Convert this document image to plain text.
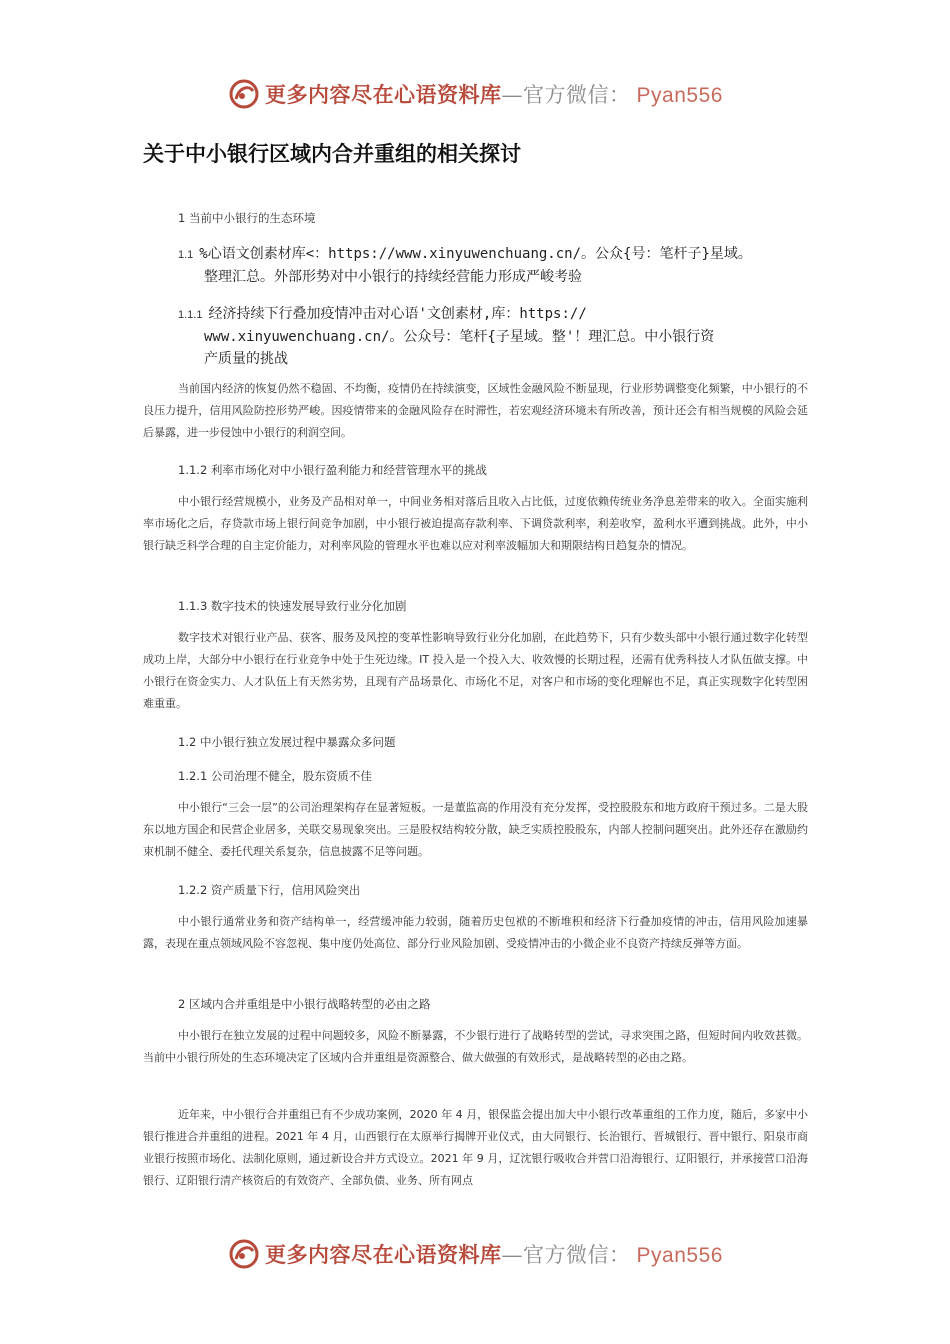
更多内容尽在心语资料库—官方微信： Pyan556
关于中小银行区域内合并重组的相关探讨
1 当前中小银行的生态环境
1.1 %心语文创素材库<：https://www.xinyuwenchuang.cn/。公众{号：笔杆子}星域。
整理汇总。外部形势对中小银行的持续经营能力形成严峻考验
1.1.1 经济持续下行叠加疫情冲击对心语'文创素材,库：https://
www.xinyuwenchuang.cn/。公众号：笔杆{子星域。整'！理汇总。中小银行资
产质量的挑战

当前国内经济的恢复仍然不稳固、不均衡，疫情仍在持续演变，区域性金融风险不断显现，行业形势调整变化频繁，中小银行的不良压力提升，信用风险防控形势严峻。因疫情带来的金融风险存在时滞性，若宏观经济环境未有所改善，预计还会有相当规模的风险会延后暴露，进一步侵蚀中小银行的利润空间。

1.1.2 利率市场化对中小银行盈利能力和经营管理水平的挑战

中小银行经营规模小，业务及产品相对单一，中间业务相对落后且收入占比低，过度依赖传统业务净息差带来的收入。全面实施利率市场化之后，存贷款市场上银行间竞争加剧，中小银行被迫提高存款利率、下调贷款利率，利差收窄，盈利水平遭到挑战。此外，中小银行缺乏科学合理的自主定价能力，对利率风险的管理水平也难以应对利率波幅加大和期限结构日趋复杂的情况。

1.1.3 数字技术的快速发展导致行业分化加剧

数字技术对银行业产品、获客、服务及风控的变革性影响导致行业分化加剧，在此趋势下，只有少数头部中小银行通过数字化转型成功上岸，大部分中小银行在行业竞争中处于生死边缘。IT 投入是一个投入大、收效慢的长期过程，还需有优秀科技人才队伍做支撑。中小银行在资金实力、人才队伍上有天然劣势，且现有产品场景化、市场化不足，对客户和市场的变化理解也不足，真正实现数字化转型困难重重。

1.2 中小银行独立发展过程中暴露众多问题
1.2.1 公司治理不健全，股东资质不佳

中小银行“三会一层”的公司治理架构存在显著短板。一是董监高的作用没有充分发挥，受控股股东和地方政府干预过多。二是大股东以地方国企和民营企业居多，关联交易现象突出。三是股权结构较分散，缺乏实质控股股东，内部人控制问题突出。此外还存在激励约束机制不健全、委托代理关系复杂，信息披露不足等问题。

1.2.2 资产质量下行，信用风险突出

中小银行通常业务和资产结构单一，经营缓冲能力较弱，随着历史包袱的不断堆积和经济下行叠加疫情的冲击，信用风险加速暴露，表现在重点领域风险不容忽视、集中度仍处高位、部分行业风险加剧、受疫情冲击的小微企业不良资产持续反弹等方面。

2 区域内合并重组是中小银行战略转型的必由之路

中小银行在独立发展的过程中问题较多，风险不断暴露，不少银行进行了战略转型的尝试，寻求突围之路，但短时间内收效甚微。当前中小银行所处的生态环境决定了区域内合并重组是资源整合、做大做强的有效形式，是战略转型的必由之路。

近年来，中小银行合并重组已有不少成功案例，2020 年 4 月，银保监会提出加大中小银行改革重组的工作力度，随后，多家中小银行推进合并重组的进程。2021 年 4 月，山西银行在太原举行揭牌开业仪式，由大同银行、长治银行、晋城银行、晋中银行、阳泉市商业银行按照市场化、法制化原则，通过新设合并方式设立。2021 年 9 月，辽沈银行吸收合并营口沿海银行、辽阳银行，并承接营口沿海银行、辽阳银行清产核资后的有效资产、全部负债、业务、所有网点

更多内容尽在心语资料库—官方微信： Pyan556
